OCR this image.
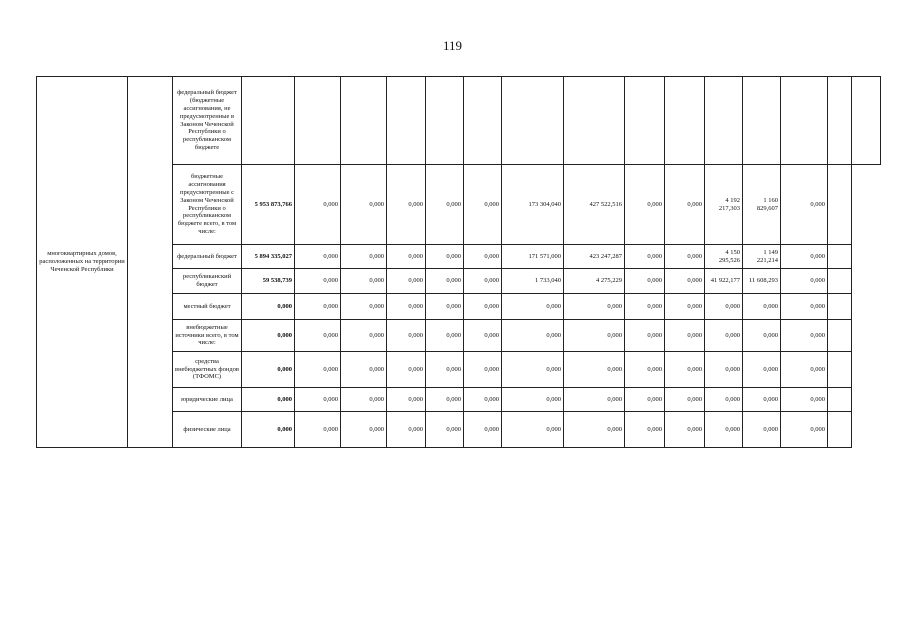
119
многоквартирных домов, расположенных на территории Чеченской Республики		федеральный бюджет (бюджетные ассигнования, не предусмотренные в Законом Чеченской Республики о республиканском бюджете															
		бюджетные ассигнования предусмотренные с Законом Чеченской Республики о республиканском бюджете всего, в том числе:	5 953 873,766	0,000	0,000	0,000	0,000	0,000	173 304,040	427 522,516	0,000	0,000	4 192 217,303	1 160 829,607	0,000		
		федеральный бюджет	5 894 335,027	0,000	0,000	0,000	0,000	0,000	171 571,000	423 247,287	0,000	0,000	4 150 295,526	1 149 221,214	0,000		
		республиканский бюджет	59 538,739	0,000	0,000	0,000	0,000	0,000	1 733,040	4 275,229	0,000	0,000	41 922,177	11 608,293	0,000		
		местный бюджет	0,000	0,000	0,000	0,000	0,000	0,000	0,000	0,000	0,000	0,000	0,000	0,000	0,000		
		внебюджетные источники всего, в том числе:	0,000	0,000	0,000	0,000	0,000	0,000	0,000	0,000	0,000	0,000	0,000	0,000	0,000		
		средства внебюджетных фондов (ТФОМС)	0,000	0,000	0,000	0,000	0,000	0,000	0,000	0,000	0,000	0,000	0,000	0,000	0,000		
		юридические лица	0,000	0,000	0,000	0,000	0,000	0,000	0,000	0,000	0,000	0,000	0,000	0,000	0,000		
		физические лица	0,000	0,000	0,000	0,000	0,000	0,000	0,000	0,000	0,000	0,000	0,000	0,000	0,000		
